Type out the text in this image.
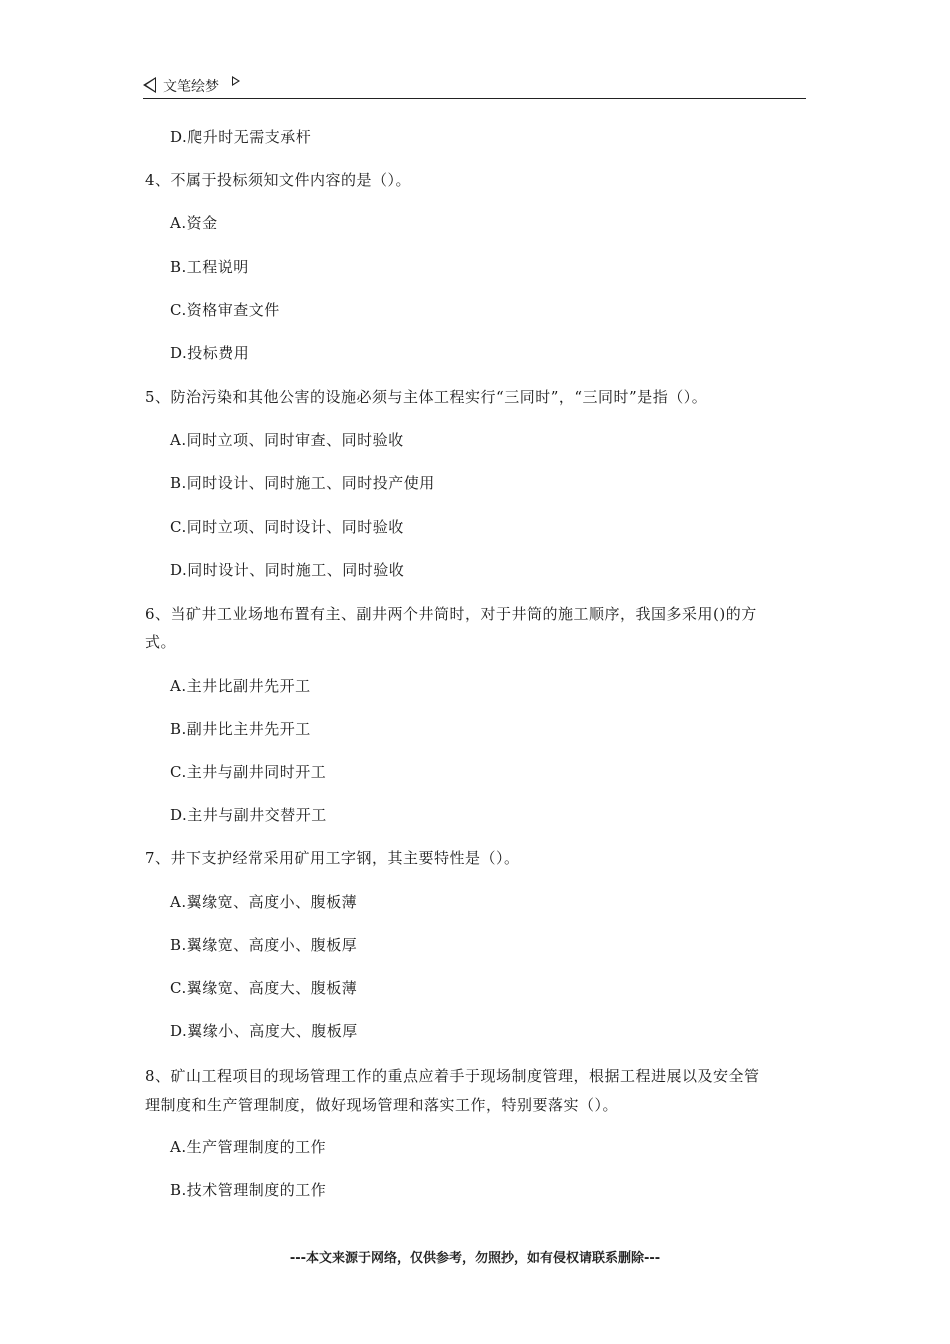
文笔绘梦
D.爬升时无需支承杆
4、不属于投标须知文件内容的是（）。
A.资金
B.工程说明
C.资格审查文件
D.投标费用
5、防治污染和其他公害的设施必须与主体工程实行“三同时”，“三同时”是指（）。
A.同时立项、同时审查、同时验收
B.同时设计、同时施工、同时投产使用
C.同时立项、同时设计、同时验收
D.同时设计、同时施工、同时验收
6、当矿井工业场地布置有主、副井两个井筒时，对于井筒的施工顺序，我国多采用()的方
式。
A.主井比副井先开工
B.副井比主井先开工
C.主井与副井同时开工
D.主井与副井交替开工
7、井下支护经常采用矿用工字钢，其主要特性是（）。
A.翼缘宽、高度小、腹板薄
B.翼缘宽、高度小、腹板厚
C.翼缘宽、高度大、腹板薄
D.翼缘小、高度大、腹板厚
8、矿山工程项目的现场管理工作的重点应着手于现场制度管理，根据工程进展以及安全管
理制度和生产管理制度，做好现场管理和落实工作，特别要落实（）。
A.生产管理制度的工作
B.技术管理制度的工作
---本文来源于网络，仅供参考，勿照抄，如有侵权请联系删除---
